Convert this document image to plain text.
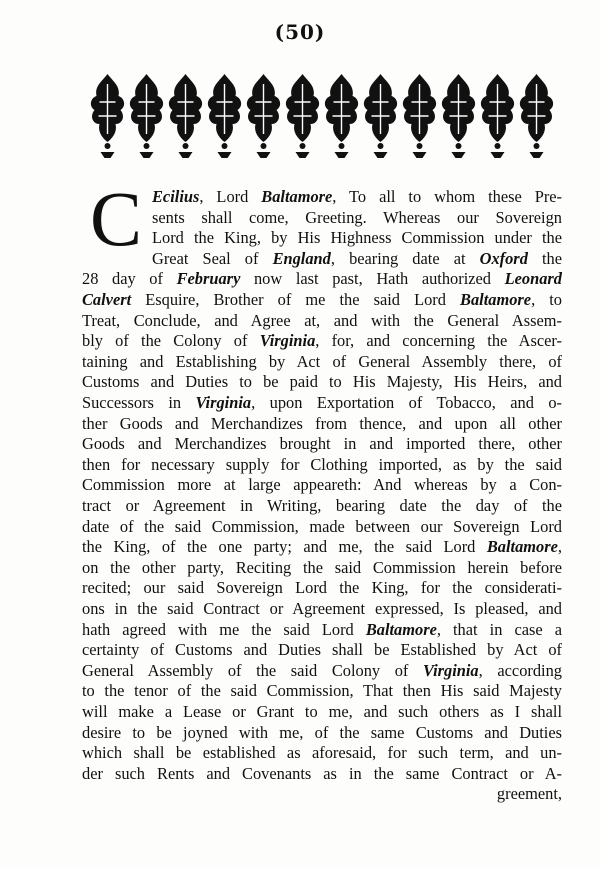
(50)
C Ecilius, Lord Baltamore, To all to whom these Pre-
sents shall come, Greeting. Whereas our Sovereign
Lord the King, by His Highness Commission under the
Great Seal of England, bearing date at Oxford the
28 day of February now last past, Hath authorized Leonard
Calvert Esquire, Brother of me the said Lord Baltamore, to
Treat, Conclude, and Agree at, and with the General Assem-
bly of the Colony of Virginia, for, and concerning the Ascer-
taining and Establishing by Act of General Assembly there, of
Customs and Duties to be paid to His Majesty, His Heirs, and
Successors in Virginia, upon Exportation of Tobacco, and o-
ther Goods and Merchandizes from thence, and upon all other
Goods and Merchandizes brought in and imported there, other
then for necessary supply for Clothing imported, as by the said
Commission more at large appeareth: And whereas by a Con-
tract or Agreement in Writing, bearing date the day of the
date of the said Commission, made between our Sovereign Lord
the King, of the one party; and me, the said Lord Baltamore,
on the other party, Reciting the said Commission herein before
recited; our said Sovereign Lord the King, for the considerati-
ons in the said Contract or Agreement expressed, Is pleased, and
hath agreed with me the said Lord Baltamore, that in case a
certainty of Customs and Duties shall be Established by Act of
General Assembly of the said Colony of Virginia, according
to the tenor of the said Commission, That then His said Majesty
will make a Lease or Grant to me, and such others as I shall
desire to be joyned with me, of the same Customs and Duties
which shall be established as aforesaid, for such term, and un-
der such Rents and Covenants as in the same Contract or A-
greement,
